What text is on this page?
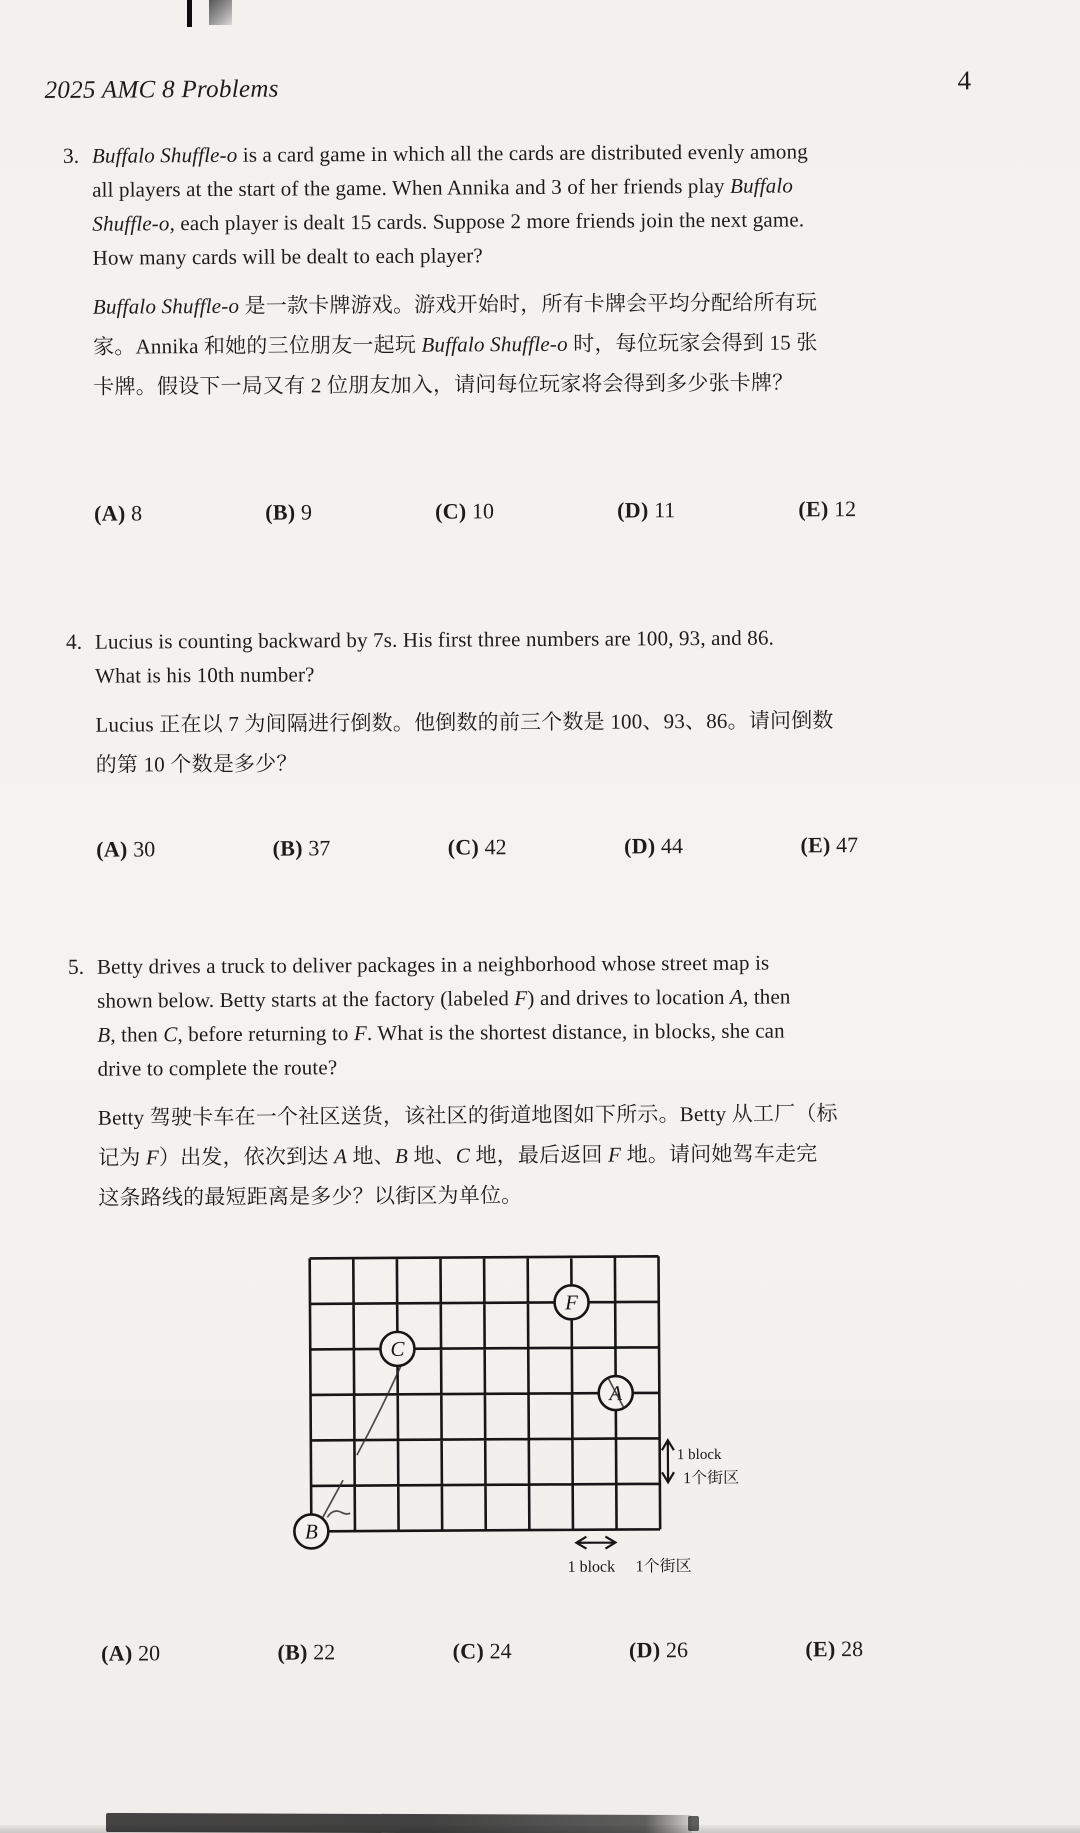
2025 AMC 8 Problems	4
3. Buffalo Shuffle-o is a card game in which all the cards are distributed evenly among
all players at the start of the game. When Annika and 3 of her friends play Buffalo
Shuffle-o, each player is dealt 15 cards. Suppose 2 more friends join the next game.
How many cards will be dealt to each player?
Buffalo Shuffle-o 是一款卡牌游戏。游戏开始时，所有卡牌会平均分配给所有玩
家。Annika 和她的三位朋友一起玩 Buffalo Shuffle-o 时，每位玩家会得到 15 张
卡牌。假设下一局又有 2 位朋友加入，请问每位玩家将会得到多少张卡牌？
(A) 8	(B) 9	(C) 10	(D) 11	(E) 12
4. Lucius is counting backward by 7s. His first three numbers are 100, 93, and 86.
What is his 10th number?
Lucius 正在以 7 为间隔进行倒数。他倒数的前三个数是 100、93、86。请问倒数
的第 10 个数是多少？
(A) 30	(B) 37	(C) 42	(D) 44	(E) 47
5. Betty drives a truck to deliver packages in a neighborhood whose street map is
shown below. Betty starts at the factory (labeled F) and drives to location A, then
B, then C, before returning to F. What is the shortest distance, in blocks, she can
drive to complete the route?
Betty 驾驶卡车在一个社区送货，该社区的街道地图如下所示。Betty 从工厂（标
记为 F）出发，依次到达 A 地、B 地、C 地，最后返回 F 地。请问她驾车走完
这条路线的最短距离是多少？以街区为单位。
(A) 20	(B) 22	(C) 24	(D) 26	(E) 28
F
C
A
B
1 block
1个街区
1 block 1个街区
